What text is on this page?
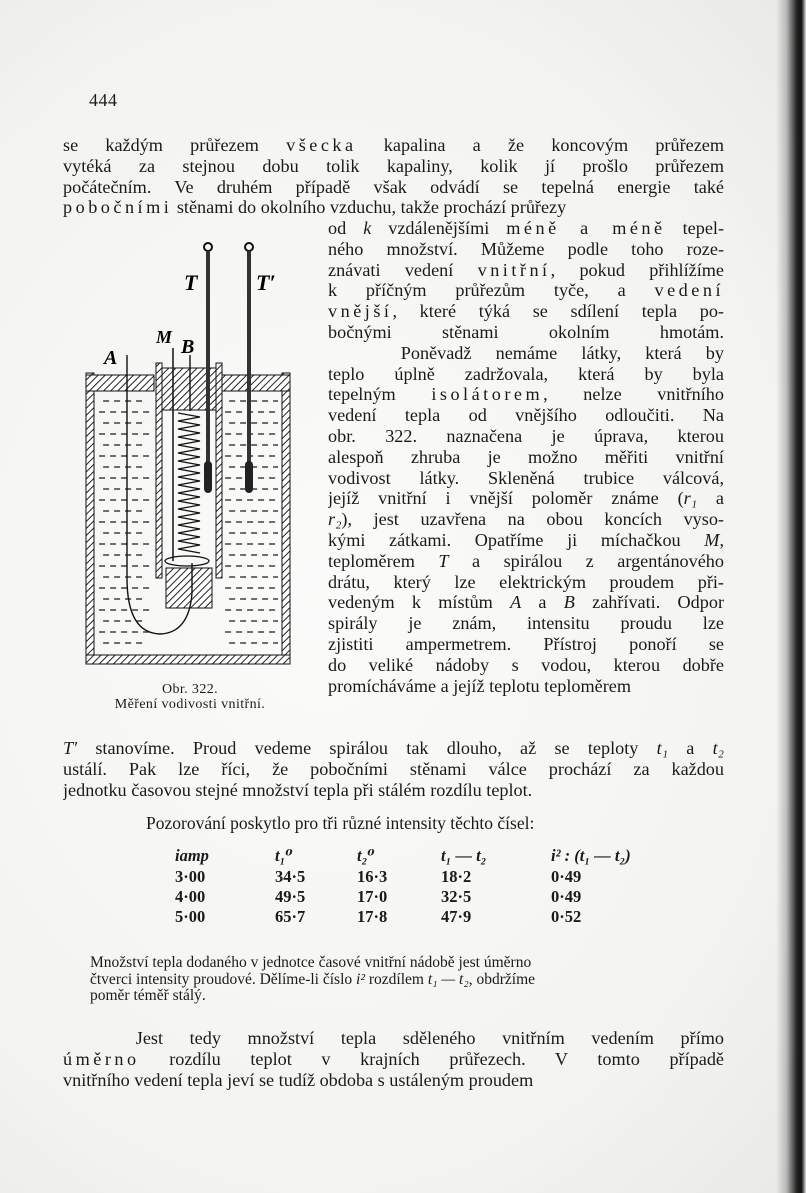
444
se každým průřezem všecka kapalina a že koncovým průřezem
vytéká za stejnou dobu tolik kapaliny, kolik jí prošlo průřezem
počátečním. Ve druhém případě však odvádí se tepelná energie také
pobočními stěnami do okolního vzduchu, takže prochází průřezy
T	T′
M B
A
Obr. 322.
Měření vodivosti vnitřní.
od k vzdálenějšími méně a méně tepel-
ného množství. Můžeme podle toho roze-
znávati vedení vnitřní, pokud přihlížíme
k příčným průřezům tyče, a vedení
vnější, které týká se sdílení tepla po-
bočnými stěnami okolním hmotám.
    Poněvadž nemáme látky, která by
teplo úplně zadržovala, která by byla
tepelným isolátorem, nelze vnitřního
vedení tepla od vnějšího odloučiti. Na
obr. 322. naznačena je úprava, kterou
alespoň zhruba je možno měřiti vnitřní
vodivost látky. Skleněná trubice válcová,
jejíž vnitřní i vnější poloměr známe (r₁ a
r₂), jest uzavřena na obou koncích vyso-
kými zátkami. Opatříme ji míchačkou M,
teploměrem T a spirálou z argentánového
drátu, který lze elektrickým proudem při-
vedeným k místům A a B zahřívati. Odpor
spirály je znám, intensitu proudu lze
zjistiti ampermetrem. Přístroj ponoří se
do veliké nádoby s vodou, kterou dobře
promícháváme a jejíž teplotu teploměrem
T′ stanovíme. Proud vedeme spirálou tak dlouho, až se teploty t₁ a t₂
ustálí. Pak lze říci, že pobočními stěnami válce prochází za každou
jednotku časovou stejné množství tepla při stálém rozdílu teplot.
Pozorování poskytlo pro tři různé intensity těchto čísel:
iamp	t₁⁰	t₂⁰	t₁ — t₂	i² : (t₁ — t₂)
3·00	34·5	16·3	18·2	0·49
4·00	49·5	17·0	32·5	0·49
5·00	65·7	17·8	47·9	0·52
Množství tepla dodaného v jednotce časové vnitřní nádobě jest úměrno
čtverci intensity proudové. Dělíme-li číslo i² rozdílem t₁ — t₂, obdržíme
poměr téměř stálý.
    Jest tedy množství tepla sděleného vnitřním vedením přímo
úměrno rozdílu teplot v krajních průřezech. V tomto případě
vnitřního vedení tepla jeví se tudíž obdoba s ustáleným proudem
